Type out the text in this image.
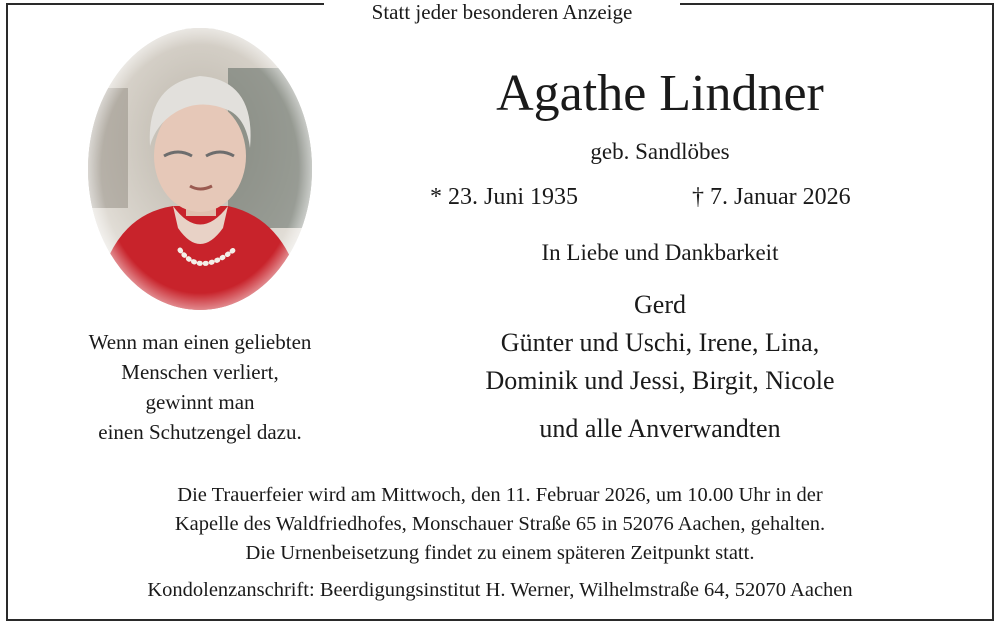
Statt jeder besonderen Anzeige
Wenn man einen geliebten
Menschen verliert,
gewinnt man
einen Schutzengel dazu.
Agathe Lindner
geb. Sandlöbes
* 23. Juni 1935	† 7. Januar 2026
In Liebe und Dankbarkeit
Gerd
Günter und Uschi, Irene, Lina,
Dominik und Jessi, Birgit, Nicole
und alle Anverwandten
Die Trauerfeier wird am Mittwoch, den 11. Februar 2026, um 10.00 Uhr in der
Kapelle des Waldfriedhofes, Monschauer Straße 65 in 52076 Aachen, gehalten.
Die Urnenbeisetzung findet zu einem späteren Zeitpunkt statt.
Kondolenzanschrift: Beerdigungsinstitut H. Werner, Wilhelmstraße 64, 52070 Aachen
